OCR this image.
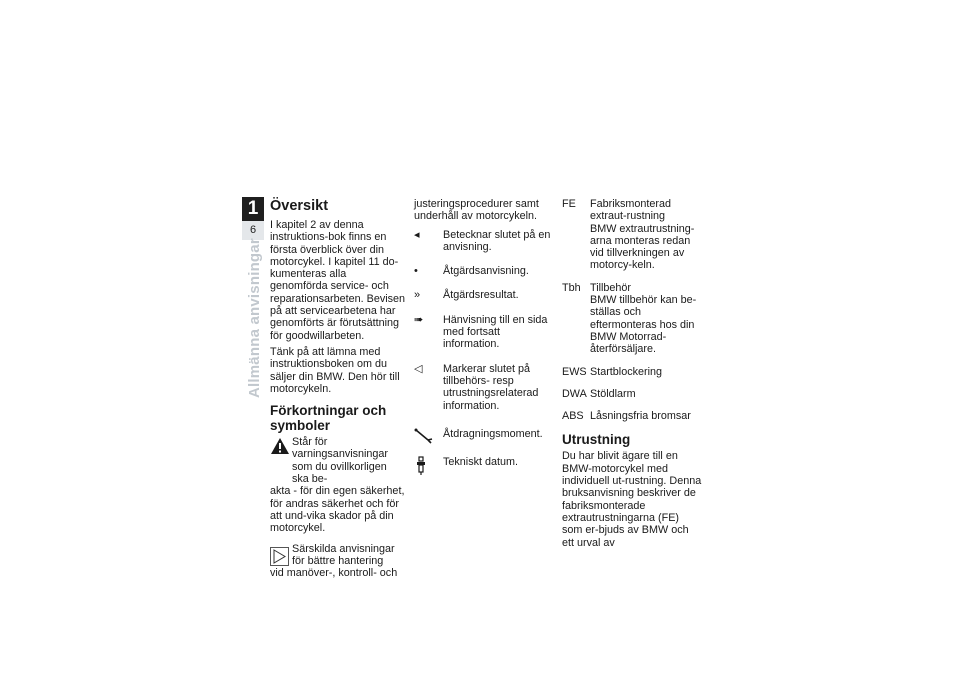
1
6
Allmänna anvisningar
Översikt
I kapitel 2 av denna instruktions-bok finns en första överblick över din motorcykel. I kapitel 11 do-kumenteras alla genomförda service- och reparationsarbeten. Bevisen på att servicearbetena har genomförts är förutsättning för goodwillarbeten.
Tänk på att lämna med instruktionsboken om du säljer din BMW. Den hör till motorcykeln.
Förkortningar och symboler
Står för varningsanvisningar som du ovillkorligen ska be-
akta - för din egen säkerhet, för andras säkerhet och för att und-vika skador på din motorcykel.
Särskilda anvisningar för bättre hantering
vid manöver-, kontroll- och
justeringsprocedurer samt underhåll av motorcykeln.
◂	Betecknar slutet på en anvisning.
•	Åtgärdsanvisning.
»	Åtgärdsresultat.
➠	Hänvisning till en sida med fortsatt information.
◁	Markerar slutet på tillbehörs- resp utrustningsrelaterad information.
Åtdragningsmoment.
Tekniskt datum.
FE	Fabriksmonterad extraut-rustning
BMW extrautrustning-arna monteras redan vid tillverkningen av motorcy-keln.
Tbh Tillbehör
BMW tillbehör kan be-ställas och eftermonteras hos din BMW Motorrad-återförsäljare.
EWS Startblockering
DWA Stöldlarm
ABS Låsningsfria bromsar
Utrustning
Du har blivit ägare till en BMW-motorcykel med individuell ut-rustning. Denna bruksanvisning beskriver de fabriksmonterade extrautrustningarna (FE) som er-bjuds av BMW och ett urval av
